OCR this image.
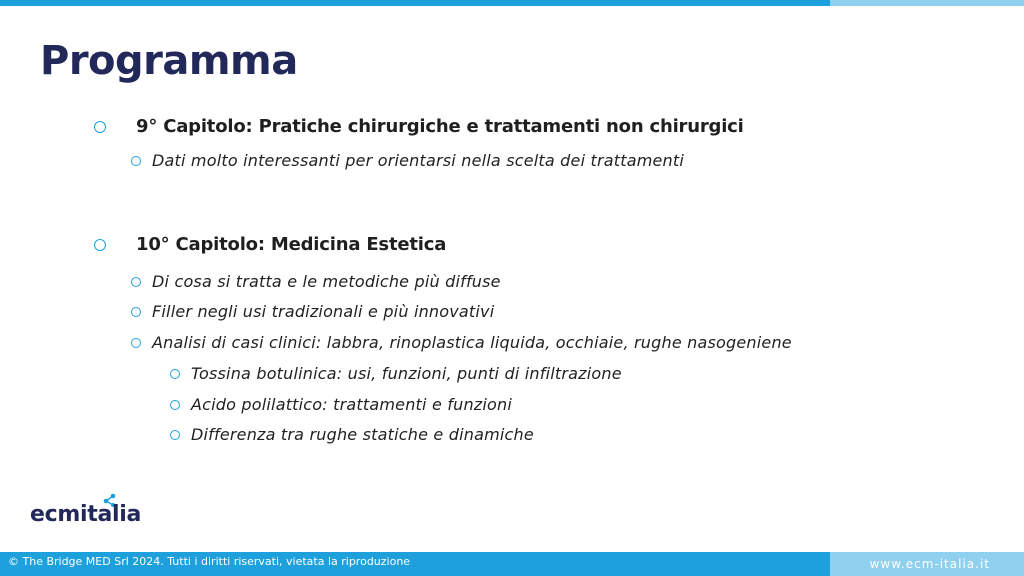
Programma
9° Capitolo: Pratiche chirurgiche e trattamenti non chirurgici
Dati molto interessanti per orientarsi nella scelta dei trattamenti
10° Capitolo: Medicina Estetica
Di cosa si tratta e le metodiche più diffuse
Filler negli usi tradizionali e più innovativi
Analisi di casi clinici: labbra, rinoplastica liquida, occhiaie, rughe nasogeniene
Tossina botulinica: usi, funzioni, punti di infiltrazione
Acido polilattico: trattamenti e funzioni
Differenza tra rughe statiche e dinamiche
ecmitalia
© The Bridge MED Srl 2024. Tutti i diritti riservati, vietata la riproduzione	www.ecm-italia.it
